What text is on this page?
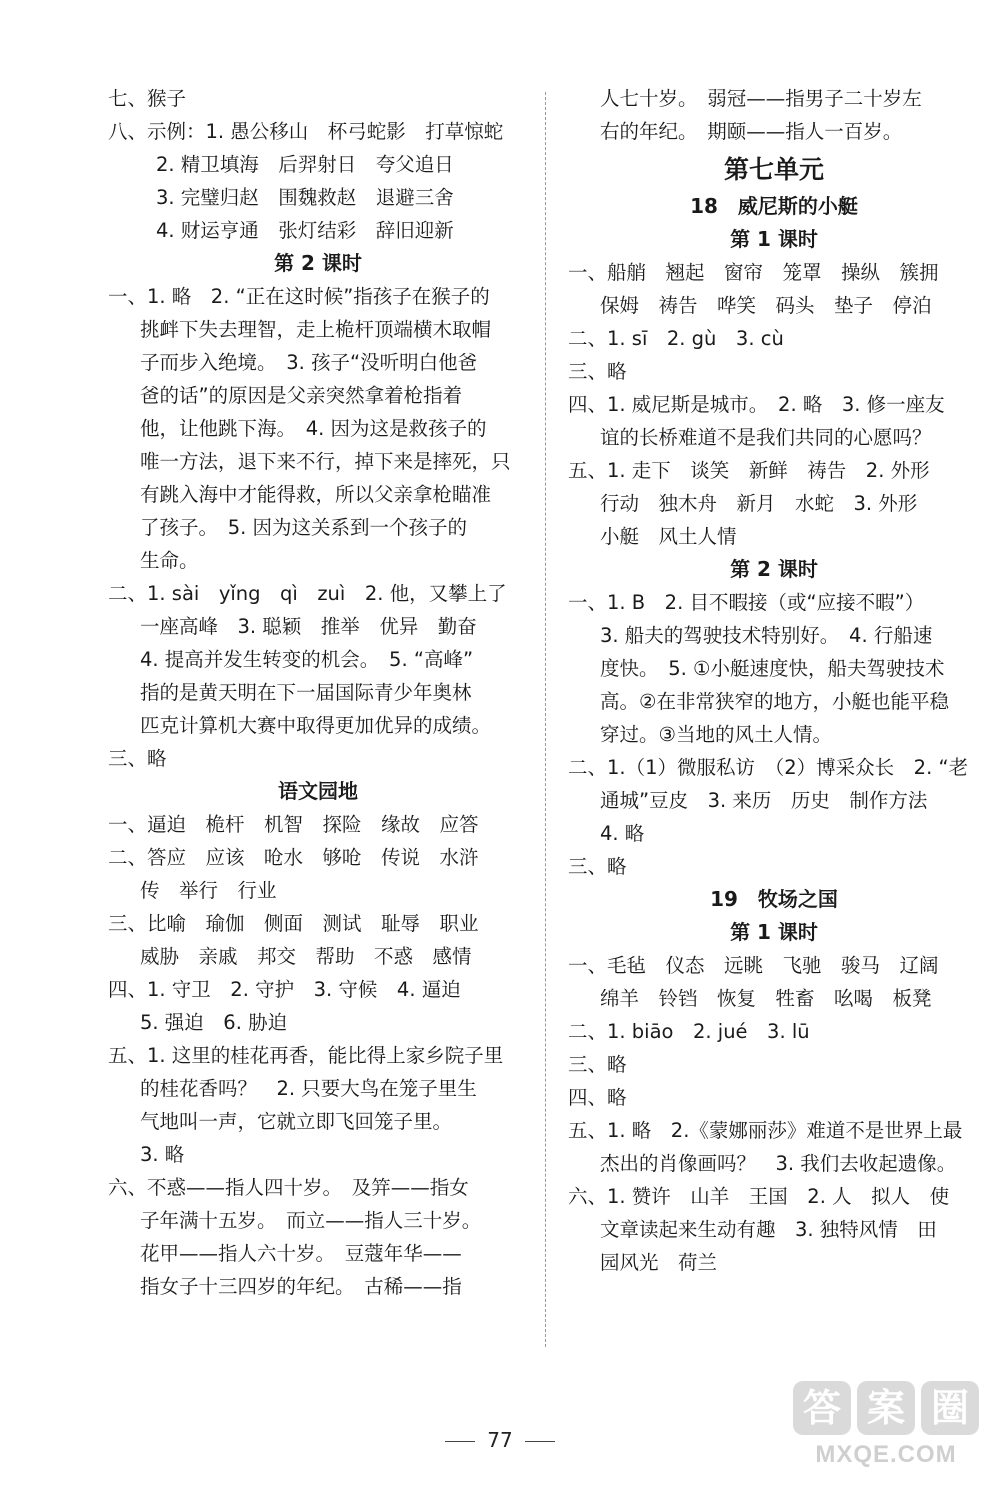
七、猴子
八、示例：1. 愚公移山　杯弓蛇影　打草惊蛇
2. 精卫填海　后羿射日　夸父追日
3. 完璧归赵　围魏救赵　退避三舍
4. 财运亨通　张灯结彩　辞旧迎新
第 2 课时
一、1. 略　2. “正在这时候”指孩子在猴子的
挑衅下失去理智，走上桅杆顶端横木取帽
子而步入绝境。　3. 孩子“没听明白他爸
爸的话”的原因是父亲突然拿着枪指着
他，让他跳下海。　4. 因为这是救孩子的
唯一方法，退下来不行，掉下来是摔死，只
有跳入海中才能得救，所以父亲拿枪瞄准
了孩子。　5. 因为这关系到一个孩子的
生命。
二、1. sài　yǐng　qì　zuì　2. 他，又攀上了
一座高峰　3. 聪颖　推举　优异　勤奋
4. 提高并发生转变的机会。　5. “高峰”
指的是黄天明在下一届国际青少年奥林
匹克计算机大赛中取得更加优异的成绩。
三、略
语文园地
一、逼迫　桅杆　机智　探险　缘故　应答
二、答应　应该　呛水　够呛　传说　水浒
传　举行　行业
三、比喻　瑜伽　侧面　测试　耻辱　职业
威胁　亲戚　邦交　帮助　不惑　感情
四、1. 守卫　2. 守护　3. 守候　4. 逼迫
5. 强迫　6. 胁迫
五、1. 这里的桂花再香，能比得上家乡院子里
的桂花香吗？　2. 只要大鸟在笼子里生
气地叫一声，它就立即飞回笼子里。
3. 略
六、不惑——指人四十岁。　及笄——指女
子年满十五岁。　而立——指人三十岁。
花甲——指人六十岁。　豆蔻年华——
指女子十三四岁的年纪。　古稀——指
人七十岁。　弱冠——指男子二十岁左
右的年纪。　期颐——指人一百岁。
第七单元
18　威尼斯的小艇
第 1 课时
一、船艄　翘起　窗帘　笼罩　操纵　簇拥
保姆　祷告　哗笑　码头　垫子　停泊
二、1. sī　2. gù　3. cù
三、略
四、1. 威尼斯是城市。　2. 略　3. 修一座友
谊的长桥难道不是我们共同的心愿吗？
五、1. 走下　谈笑　新鲜　祷告　2. 外形
行动　独木舟　新月　水蛇　3. 外形
小艇　风土人情
第 2 课时
一、1. B　2. 目不暇接（或“应接不暇”）
3. 船夫的驾驶技术特别好。　4. 行船速
度快。　5. ①小艇速度快，船夫驾驶技术
高。②在非常狭窄的地方，小艇也能平稳
穿过。③当地的风土人情。
二、1.（1）微服私访　（2）博采众长　2. “老
通城”豆皮　3. 来历　历史　制作方法
4. 略
三、略
19　牧场之国
第 1 课时
一、毛毡　仪态　远眺　飞驰　骏马　辽阔
绵羊　铃铛　恢复　牲畜　吆喝　板凳
二、1. biāo　2. jué　3. lū
三、略
四、略
五、1. 略　2.《蒙娜丽莎》难道不是世界上最
杰出的肖像画吗？　3. 我们去收起遗像。
六、1. 赞许　山羊　王国　2. 人　拟人　使
文章读起来生动有趣　3. 独特风情　田
园风光　荷兰
77
答 案 圈
MXQE.COM
